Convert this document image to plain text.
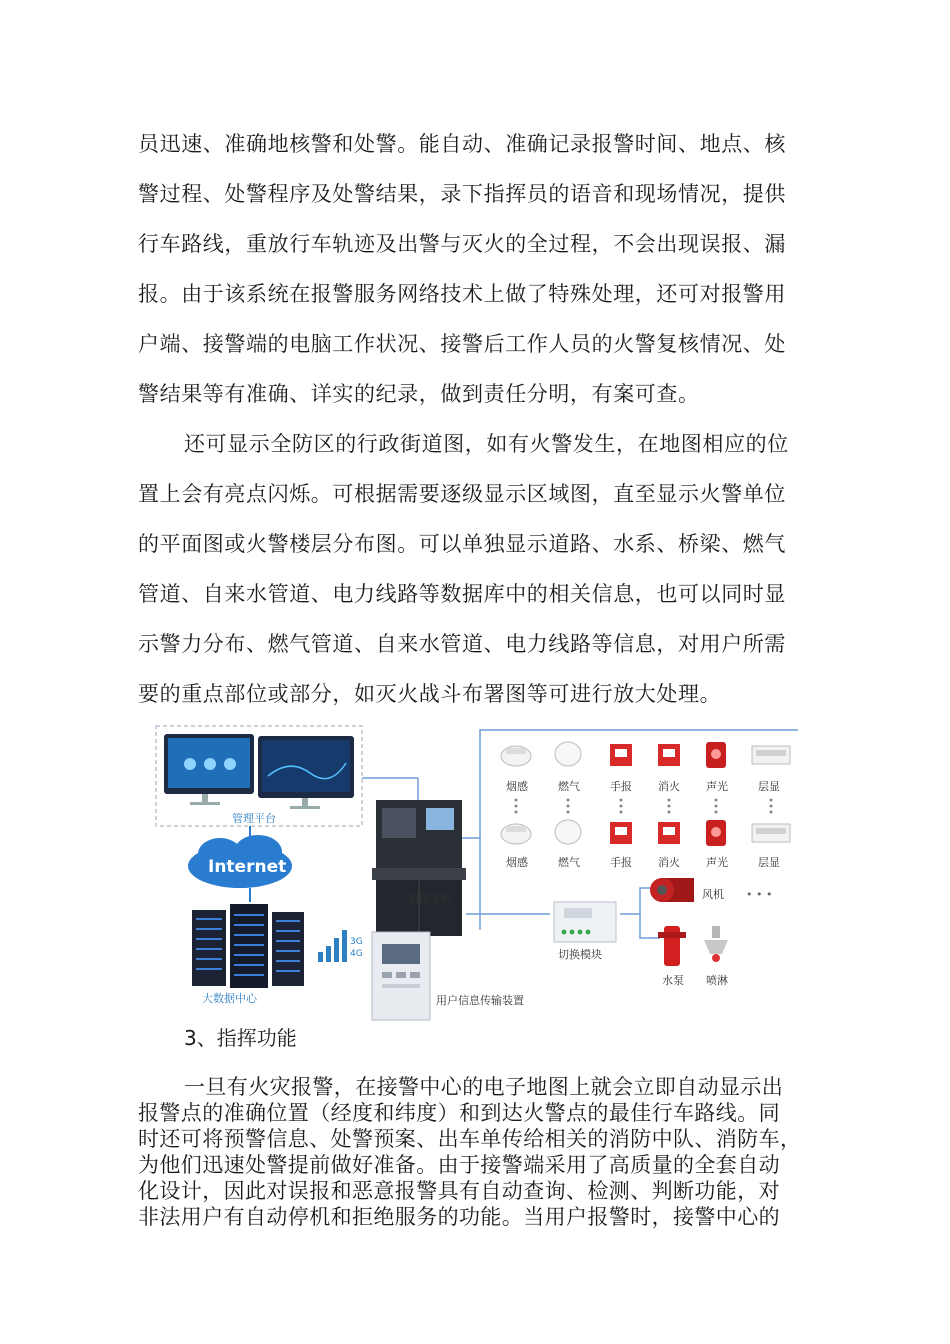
员迅速、准确地核警和处警。能自动、准确记录报警时间、地点、核
警过程、处警程序及处警结果，录下指挥员的语音和现场情况，提供
行车路线，重放行车轨迹及出警与灭火的全过程，不会出现误报、漏
报。由于该系统在报警服务网络技术上做了特殊处理，还可对报警用
户端、接警端的电脑工作状况、接警后工作人员的火警复核情况、处
警结果等有准确、详实的纪录，做到责任分明，有案可查。
还可显示全防区的行政街道图，如有火警发生，在地图相应的位
置上会有亮点闪烁。可根据需要逐级显示区域图，直至显示火警单位
的平面图或火警楼层分布图。可以单独显示道路、水系、桥梁、燃气
管道、自来水管道、电力线路等数据库中的相关信息，也可以同时显
示警力分布、燃气管道、自来水管道、电力线路等信息，对用户所需
要的重点部位或部分，如灭火战斗布署图等可进行放大处理。
管理平台
Internet
大数据中心
3G
4G
消控主机
用户信息传输装置
烟感	燃气	手报 消火 声光	层显
烟感	燃气	手报 消火 声光	层显
切换模块
风机 • • •
水泵 喷淋
3、指挥功能
一旦有火灾报警，在接警中心的电子地图上就会立即自动显示出
报警点的准确位置（经度和纬度）和到达火警点的最佳行车路线。同
时还可将预警信息、处警预案、出车单传给相关的消防中队、消防车，
为他们迅速处警提前做好准备。由于接警端采用了高质量的全套自动
化设计，因此对误报和恶意报警具有自动查询、检测、判断功能，对
非法用户有自动停机和拒绝服务的功能。当用户报警时，接警中心的
